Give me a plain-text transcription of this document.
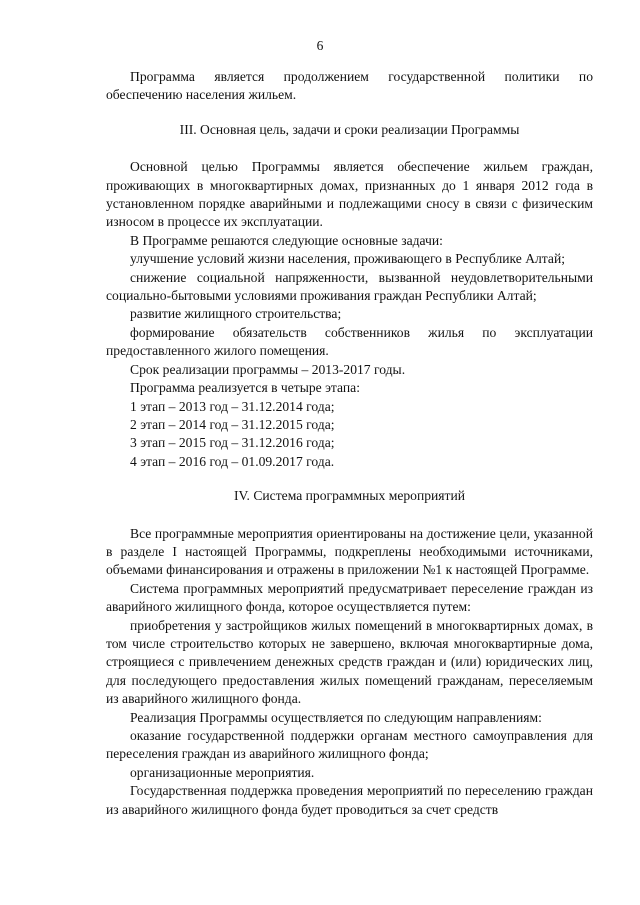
6

Программа является продолжением государственной политики по обеспечению населения жильем.

III. Основная цель, задачи и сроки реализации Программы

Основной целью Программы является обеспечение жильем граждан, проживающих в многоквартирных домах, признанных до 1 января 2012 года в установленном порядке аварийными и подлежащими сносу в связи с физическим износом в процессе их эксплуатации.

В Программе решаются следующие основные задачи:

улучшение условий жизни населения, проживающего в Республике Алтай;

снижение социальной напряженности, вызванной неудовлетворительными социально-бытовыми условиями проживания граждан Республики Алтай;

развитие жилищного строительства;

формирование обязательств собственников жилья по эксплуатации предоставленного жилого помещения.

Срок реализации программы – 2013-2017 годы.

Программа реализуется в четыре этапа:

1 этап – 2013 год – 31.12.2014 года;

2 этап – 2014 год – 31.12.2015 года;

3 этап – 2015 год – 31.12.2016 года;

4 этап – 2016 год – 01.09.2017 года.

IV. Система программных мероприятий

Все программные мероприятия ориентированы на достижение цели, указанной в разделе I настоящей Программы, подкреплены необходимыми источниками, объемами финансирования и отражены в приложении №1 к настоящей Программе.

Система программных мероприятий предусматривает переселение граждан из аварийного жилищного фонда, которое осуществляется путем:

приобретения у застройщиков жилых помещений в многоквартирных домах, в том числе строительство которых не завершено, включая многоквартирные дома, строящиеся с привлечением денежных средств граждан и (или) юридических лиц, для последующего предоставления жилых помещений гражданам, переселяемым из аварийного жилищного фонда.

Реализация Программы осуществляется по следующим направлениям:

оказание государственной поддержки органам местного самоуправления для переселения граждан из аварийного жилищного фонда;

организационные мероприятия.

Государственная поддержка проведения мероприятий по переселению граждан из аварийного жилищного фонда будет проводиться за счет средств
